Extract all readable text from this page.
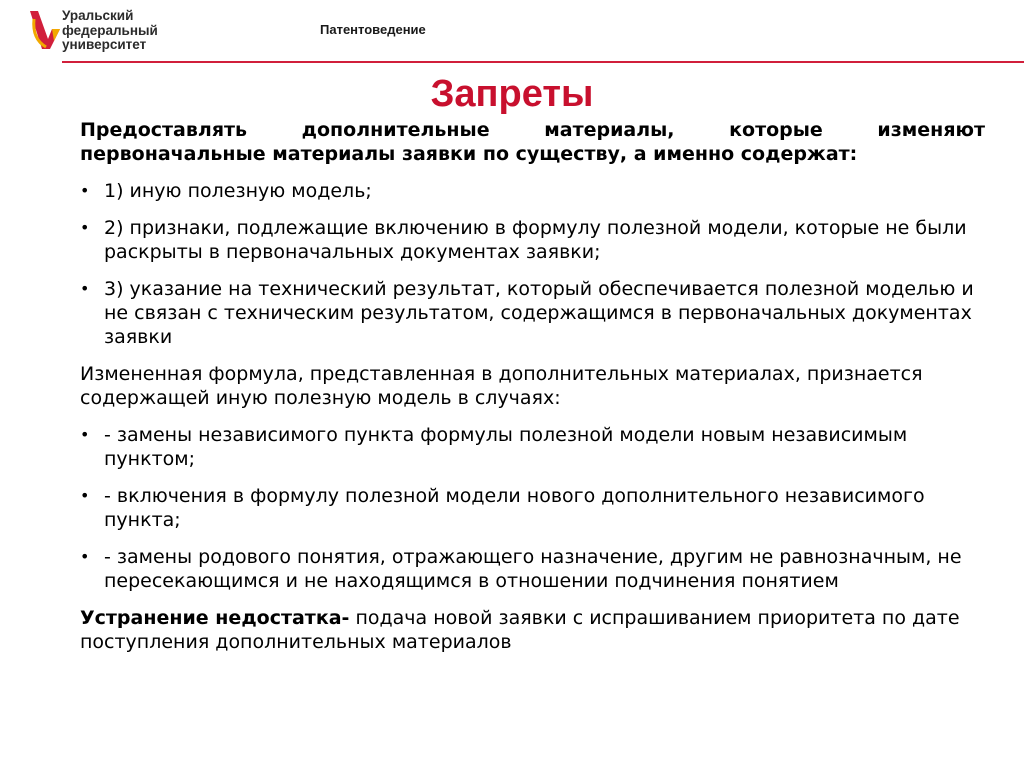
Уральский
федеральный
университет
Патентоведение
Запреты

Предоставлять дополнительные материалы, которые изменяют первоначальные материалы заявки по существу, а именно содержат:

• 1) иную полезную модель;
• 2) признаки, подлежащие включению в формулу полезной модели, которые не были раскрыты в первоначальных документах заявки;
• 3) указание на технический результат, который обеспечивается полезной моделью и не связан с техническим результатом, содержащимся в первоначальных документах заявки

Измененная формула, представленная в дополнительных материалах, признается содержащей иную полезную модель в случаях:

• - замены независимого пункта формулы полезной модели новым независимым пунктом;
• - включения в формулу полезной модели нового дополнительного независимого пункта;
• - замены родового понятия, отражающего назначение, другим не равнозначным, не пересекающимся и не находящимся в отношении подчинения понятием

Устранение недостатка- подача новой заявки с испрашиванием приоритета по дате поступления дополнительных материалов
